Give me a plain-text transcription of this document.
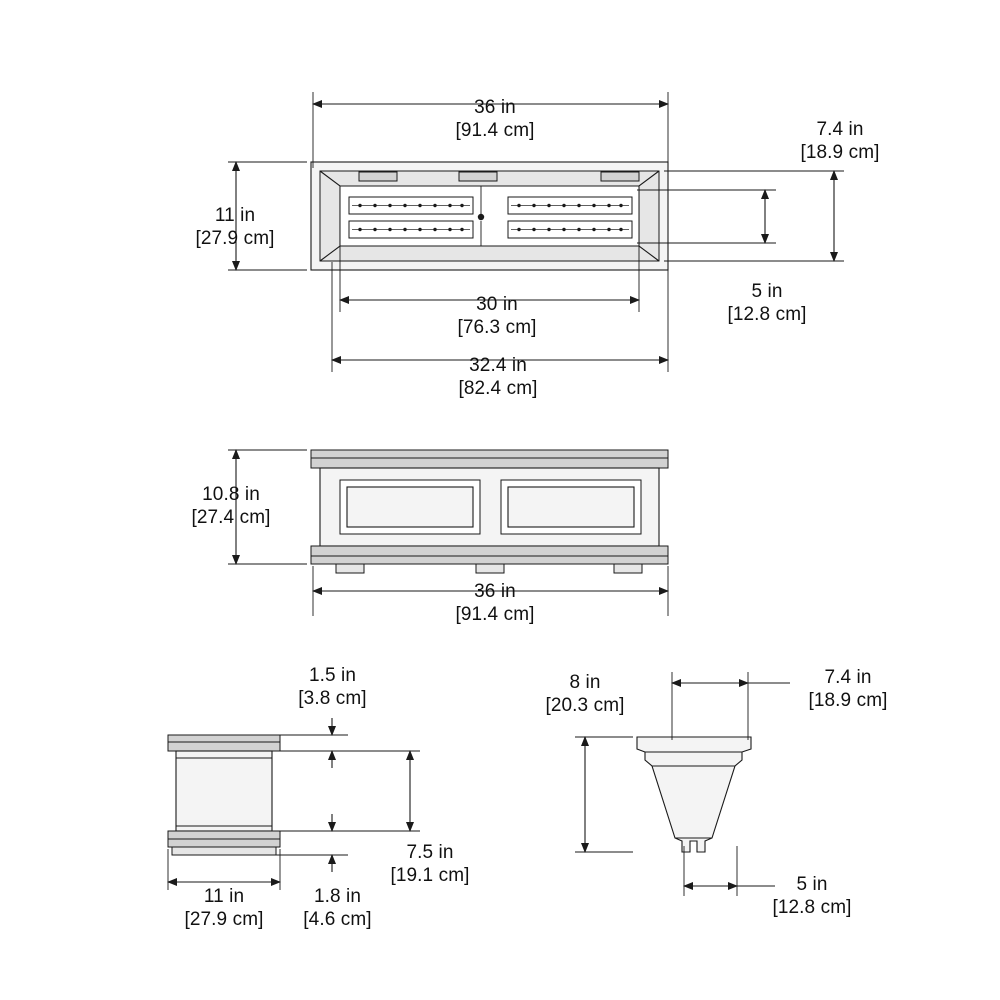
36 in
[91.4 cm]
11 in
[27.9 cm]
30 in
[76.3 cm]
32.4 in
[82.4 cm]
7.4 in
[18.9 cm]
5 in
[12.8 cm]
10.8 in
[27.4 cm]
36 in
[91.4 cm]
1.5 in
[3.8 cm]
11 in
[27.9 cm]
1.8 in
[4.6 cm]
7.5 in
[19.1 cm]
8 in
[20.3 cm]
7.4 in
[18.9 cm]
5 in
[12.8 cm]
